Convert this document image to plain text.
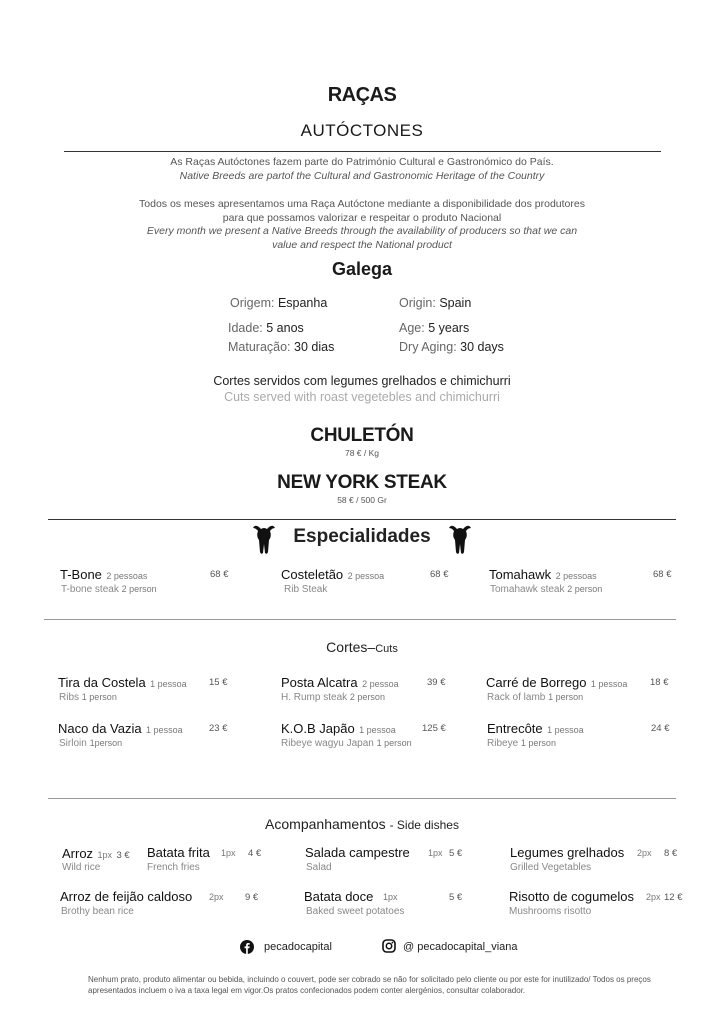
RAÇAS
AUTÓCTONES
As Raças Autóctones fazem parte do Património Cultural e Gastronómico do País.
Native Breeds are partof the Cultural and Gastronomic Heritage of the Country
Todos os meses apresentamos uma Raça Autóctone mediante a disponibilidade dos produtores
para que possamos valorizar e respeitar o produto Nacional
Every month we present a Native Breeds through the availability of producers so that we can
value and respect the National product
Galega
Origem: Espanha	Origin: Spain
Idade: 5 anos	Age: 5 years
Maturação: 30 dias	Dry Aging: 30 days
Cortes servidos com legumes grelhados e chimichurri
Cuts served with roast vegetebles and chimichurri
CHULETÓN
78 € / Kg
NEW YORK STEAK
58 € / 500 Gr
Especialidades
T-Bone 2 pessoas	68 €
T-bone steak 2 person
Costeletão 2 pessoa	68 €
Rib Steak
Tomahawk 2 pessoas	68 €
Tomahawk steak 2 person
Cortes–Cuts
Tira da Costela 1 pessoa 15 €
Ribs 1 person
Posta Alcatra 2 pessoa	39 €
H. Rump steak 2 person
Carré de Borrego 1 pessoa 18 €
Rack of lamb 1 person
Naco da Vazia 1 pessoa	23 €
Sirloin 1person
K.O.B Japão 1 pessoa	125 €
Ribeye wagyu Japan 1 person
Entrecôte 1 pessoa	24 €
Ribeye 1 person
Acompanhamentos - Side dishes
Arroz 1px 3 €
Wild rice
Batata frita 1px 4 €
French fries
Salada campestre 1px 5 €
Salad
Legumes grelhados 2px 8 €
Grilled Vegetables
Arroz de feijão caldoso 2px 9 €
Brothy bean rice
Batata doce 1px	5 €
Baked sweet potatoes
Risotto de cogumelos 2px 12 €
Mushrooms risotto
pecadocapital	@ pecadocapital_viana
Nenhum prato, produto alimentar ou bebida, incluindo o couvert, pode ser cobrado se não for solicitado pelo cliente ou por este for inutilizado/ Todos os preços apresentados incluem o iva a taxa legal em vigor.Os pratos confecionados podem conter alergénios, consultar colaborador.
